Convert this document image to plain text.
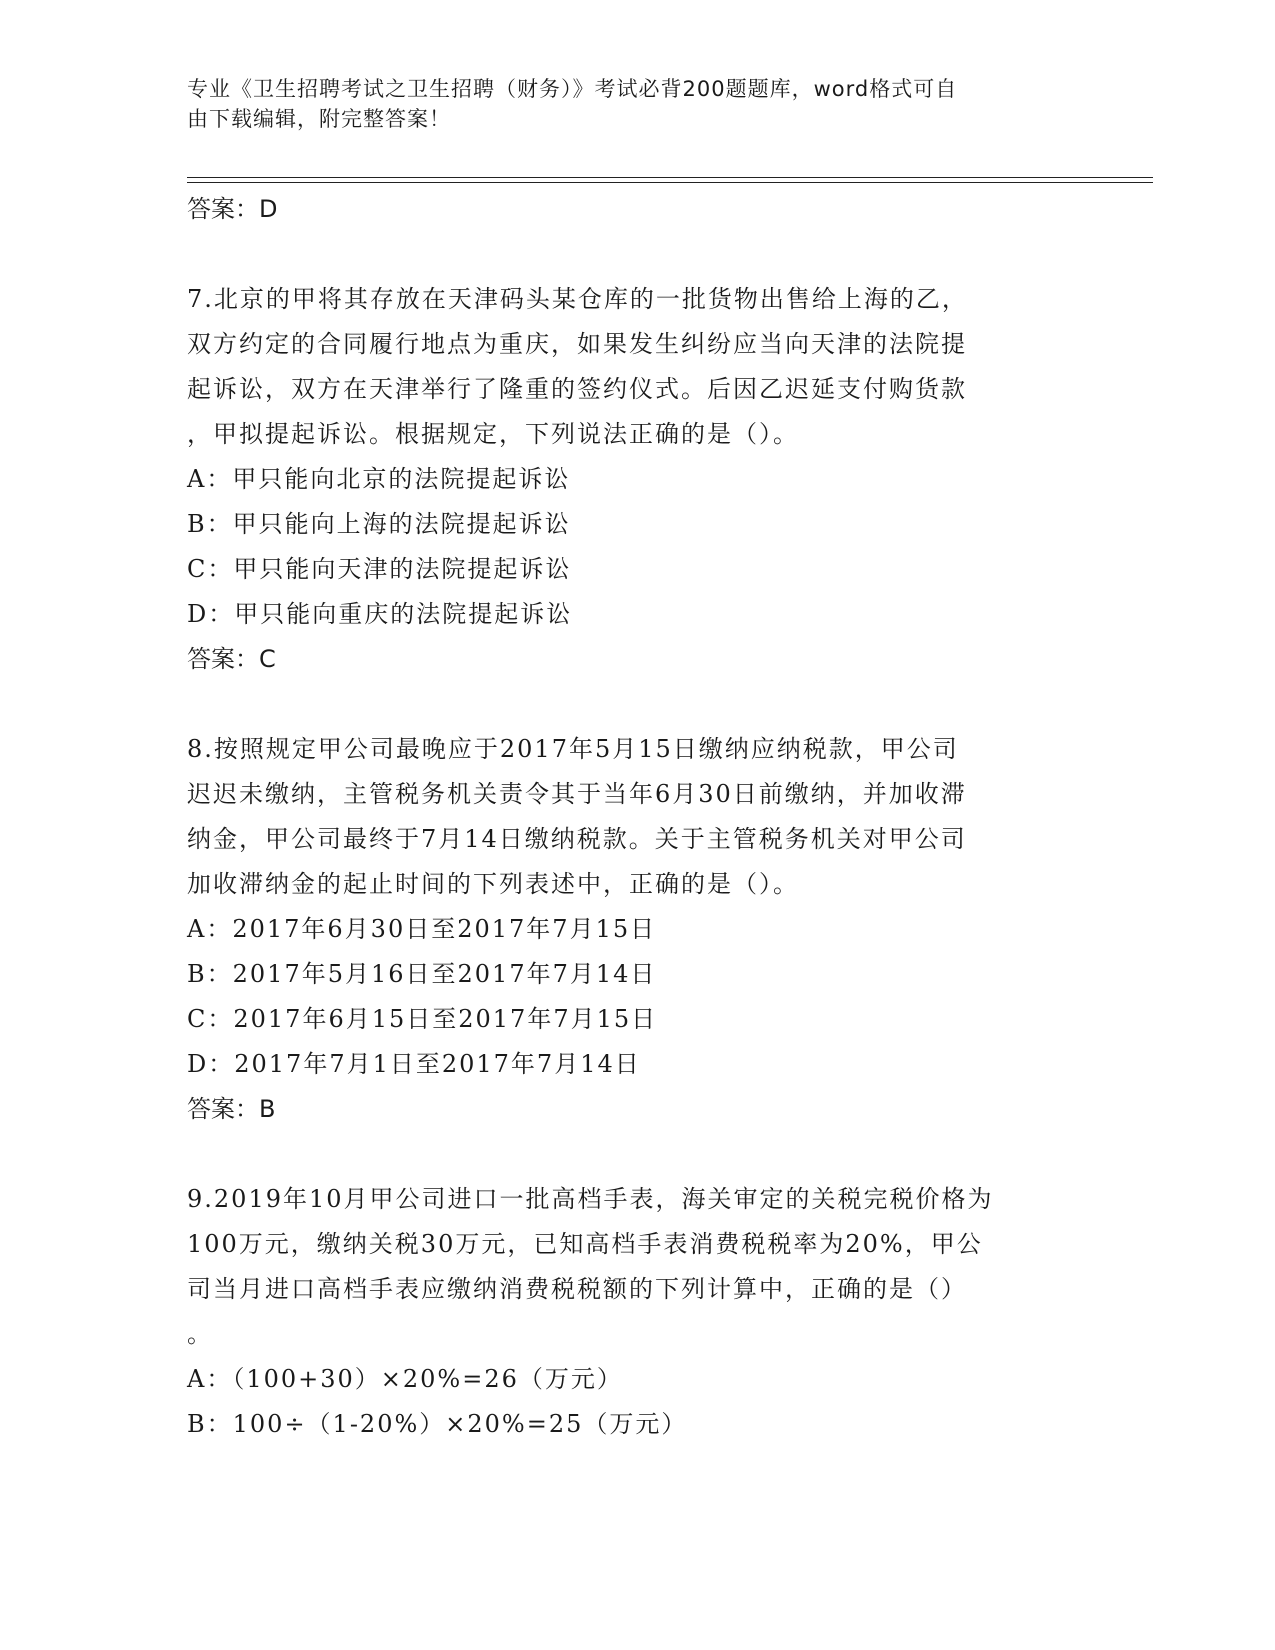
专业《卫生招聘考试之卫生招聘（财务）》考试必背200题题库，word格式可自
由下载编辑，附完整答案！
答案：D
7.北京的甲将其存放在天津码头某仓库的一批货物出售给上海的乙，
双方约定的合同履行地点为重庆，如果发生纠纷应当向天津的法院提
起诉讼，双方在天津举行了隆重的签约仪式。后因乙迟延支付购货款
，甲拟提起诉讼。根据规定，下列说法正确的是（）。
A：甲只能向北京的法院提起诉讼
B：甲只能向上海的法院提起诉讼
C：甲只能向天津的法院提起诉讼
D：甲只能向重庆的法院提起诉讼
答案：C
8.按照规定甲公司最晚应于2017年5月15日缴纳应纳税款，甲公司
迟迟未缴纳，主管税务机关责令其于当年6月30日前缴纳，并加收滞
纳金，甲公司最终于7月14日缴纳税款。关于主管税务机关对甲公司
加收滞纳金的起止时间的下列表述中，正确的是（）。
A：2017年6月30日至2017年7月15日
B：2017年5月16日至2017年7月14日
C：2017年6月15日至2017年7月15日
D：2017年7月1日至2017年7月14日
答案：B
9.2019年10月甲公司进口一批高档手表，海关审定的关税完税价格为
100万元，缴纳关税30万元，已知高档手表消费税税率为20%，甲公
司当月进口高档手表应缴纳消费税税额的下列计算中，正确的是（）
。
A：（100+30）×20%=26（万元）
B：100÷（1-20%）×20%=25（万元）
